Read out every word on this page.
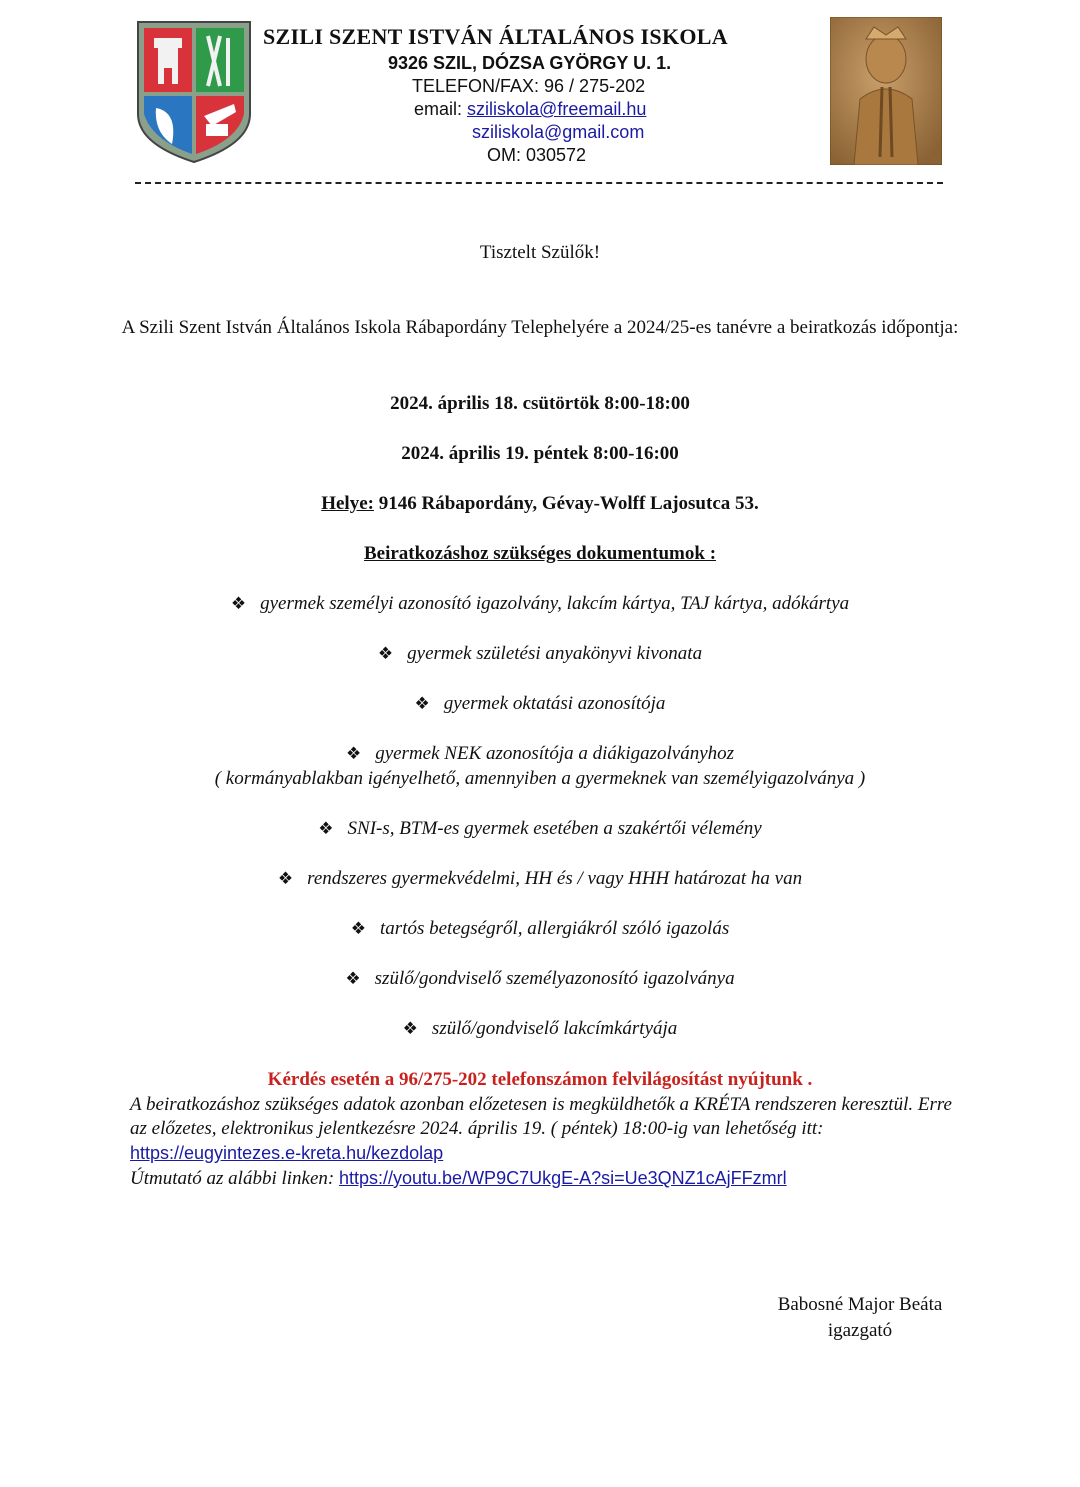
SZILI SZENT ISTVÁN ÁLTALÁNOS ISKOLA
9326 SZIL, DÓZSA GYÖRGY U. 1.
TELEFON/FAX: 96 / 275-202
email: sziliskola@freemail.hu
sziliskola@gmail.com
OM: 030572
Tisztelt Szülők!
A Szili Szent István Általános Iskola Rábapordány Telephelyére a 2024/25-es tanévre a beiratkozás időpontja:
2024. április 18. csütörtök 8:00-18:00
2024. április 19. péntek 8:00-16:00
Helye: 9146 Rábapordány, Gévay-Wolff Lajosutca 53.
Beiratkozáshoz szükséges dokumentumok :
❖ gyermek személyi azonosító igazolvány, lakcím kártya, TAJ kártya, adókártya
❖ gyermek születési anyakönyvi kivonata
❖ gyermek oktatási azonosítója
❖ gyermek NEK azonosítója a diákigazolványhoz
( kormányablakban igényelhető, amennyiben a gyermeknek van személyigazolványa )
❖ SNI-s, BTM-es gyermek esetében a szakértői vélemény
❖ rendszeres gyermekvédelmi, HH és / vagy HHH határozat ha van
❖ tartós betegségről, allergiákról szóló igazolás
❖ szülő/gondviselő személyazonosító igazolványa
❖ szülő/gondviselő lakcímkártyája
Kérdés esetén a 96/275-202 telefonszámon felvilágosítást nyújtunk .
A beiratkozáshoz szükséges adatok azonban előzetesen is megküldhetők a KRÉTA rendszeren keresztül. Erre az előzetes, elektronikus jelentkezésre 2024. április 19. ( péntek) 18:00-ig van lehetőség itt: https://eugyintezes.e-kreta.hu/kezdolap
Útmutató az alábbi linken: https://youtu.be/WP9C7UkgE-A?si=Ue3QNZ1cAjFFzmrl
Babosné Major Beáta
igazgató
